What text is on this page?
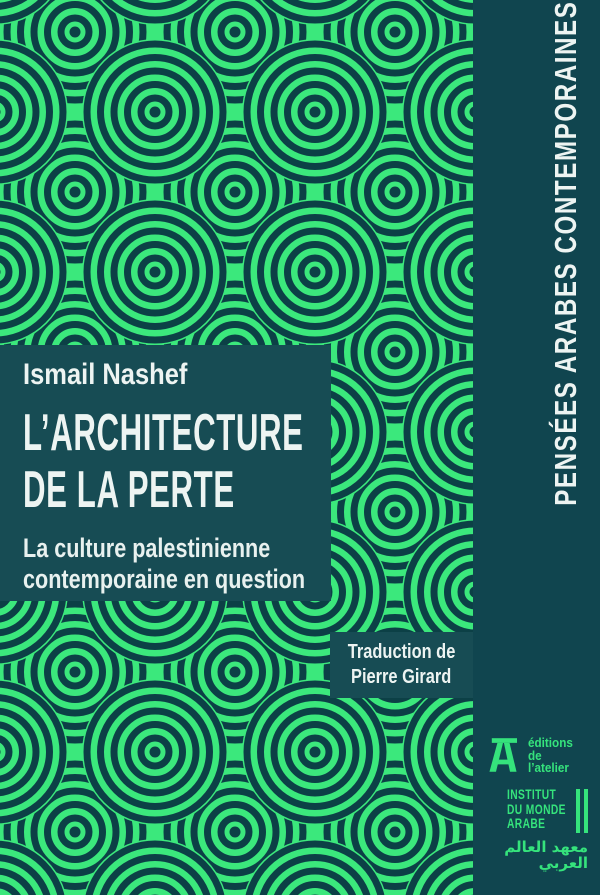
PENSÉES ARABES CONTEMPORAINES
Ismail Nashef
L’ARCHITECTURE
DE LA PERTE
La culture palestinienne
contemporaine en question
Traduction de
Pierre Girard
éditions
de
l’atelier
INSTITUT
DU MONDE
ARABE
معهد العالم
العربي
